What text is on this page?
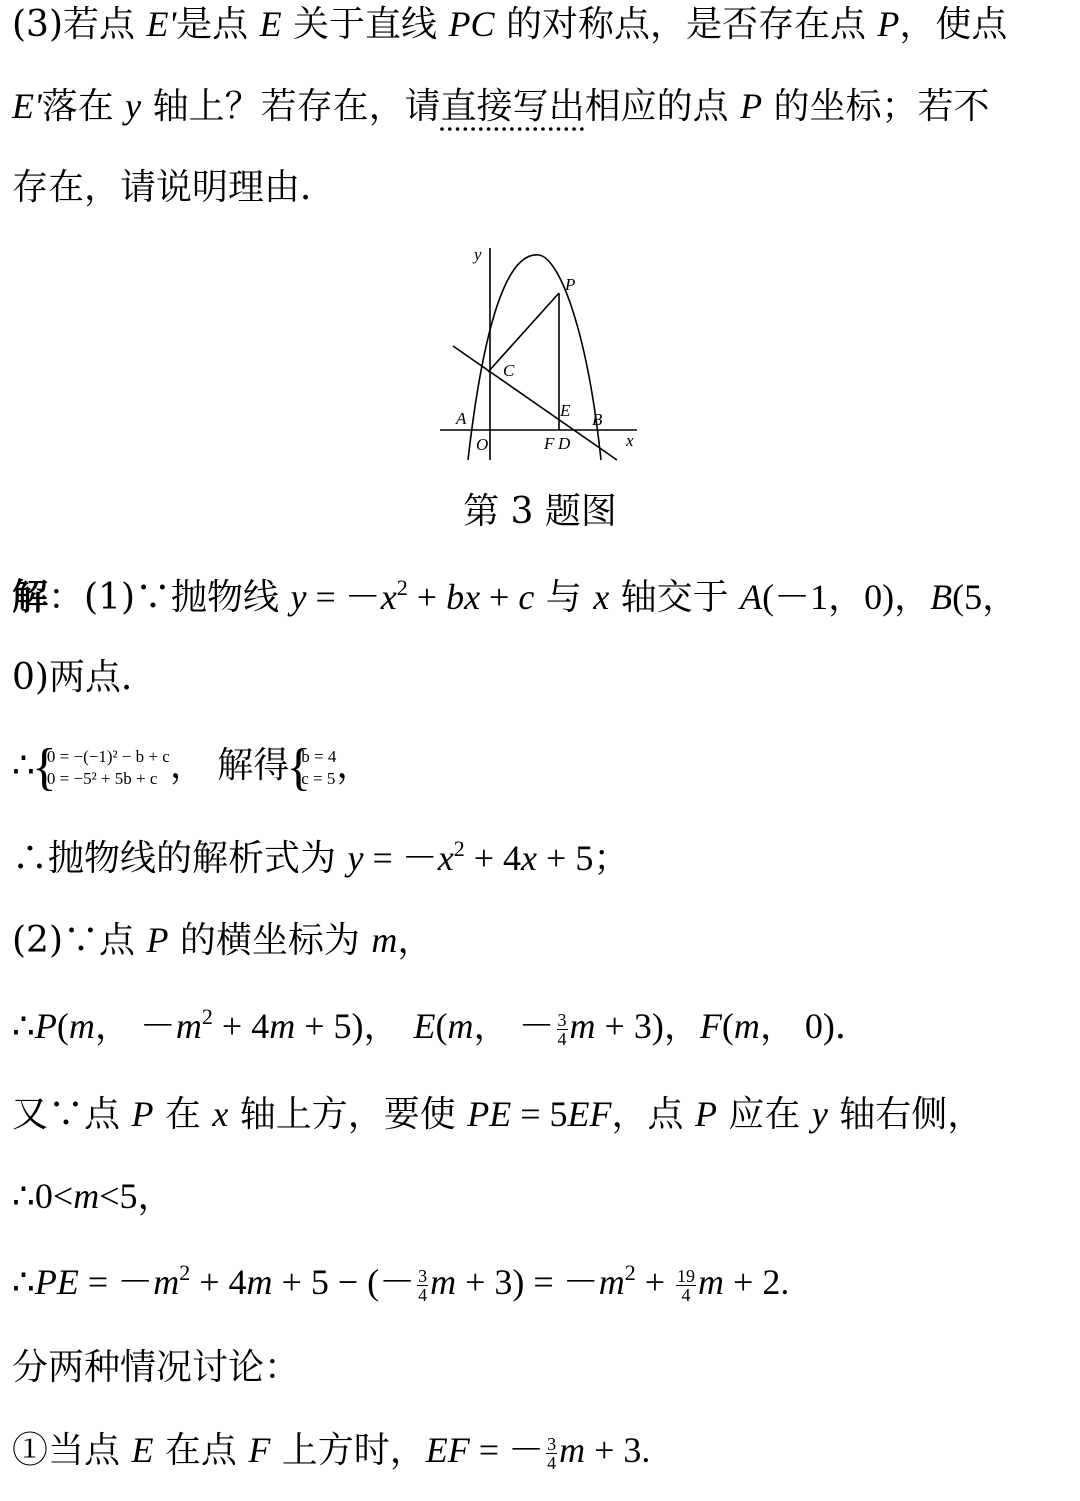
(3)若点 E'是点 E 关于直线 PC 的对称点，是否存在点 P，使点
E'落在 y 轴上？若存在，请直接写出相应的点 P 的坐标；若不
存在，请说明理由．
y
x
P
C
E
A	B
O	F D
第 3 题图
解：(1)∵抛物线 $y = -x^2$ + bx + c 与 x 轴交于 A(－1，0)，B(5，
0)两点．
∴ { 0 = −(−1)² − b + c
0 = −5² + 5b + c ， 解得 { b = 4
c = 5 ，
∴抛物线的解析式为 $y = -x^2 + 4x + 5$；
(2)∵点 P 的横坐标为 m，
∴P(m， $-m^2 + 4m + 5$)， E(m， － $\frac{3}{4}$ m + 3)，F(m， 0)．
又∵点 P 在 x 轴上方，要使 PE = 5EF，点 P 应在 y 轴右侧，
∴0<m<5，
∴PE = $-m^2 + 4m + 5$ − (－ $\frac{3}{4}$ $m + 3) = -m^2 + \frac{19}{4}$ m + 2.
分两种情况讨论：
①当点 E 在点 F 上方时，EF = － $\frac{3}{4}$ m + 3.
